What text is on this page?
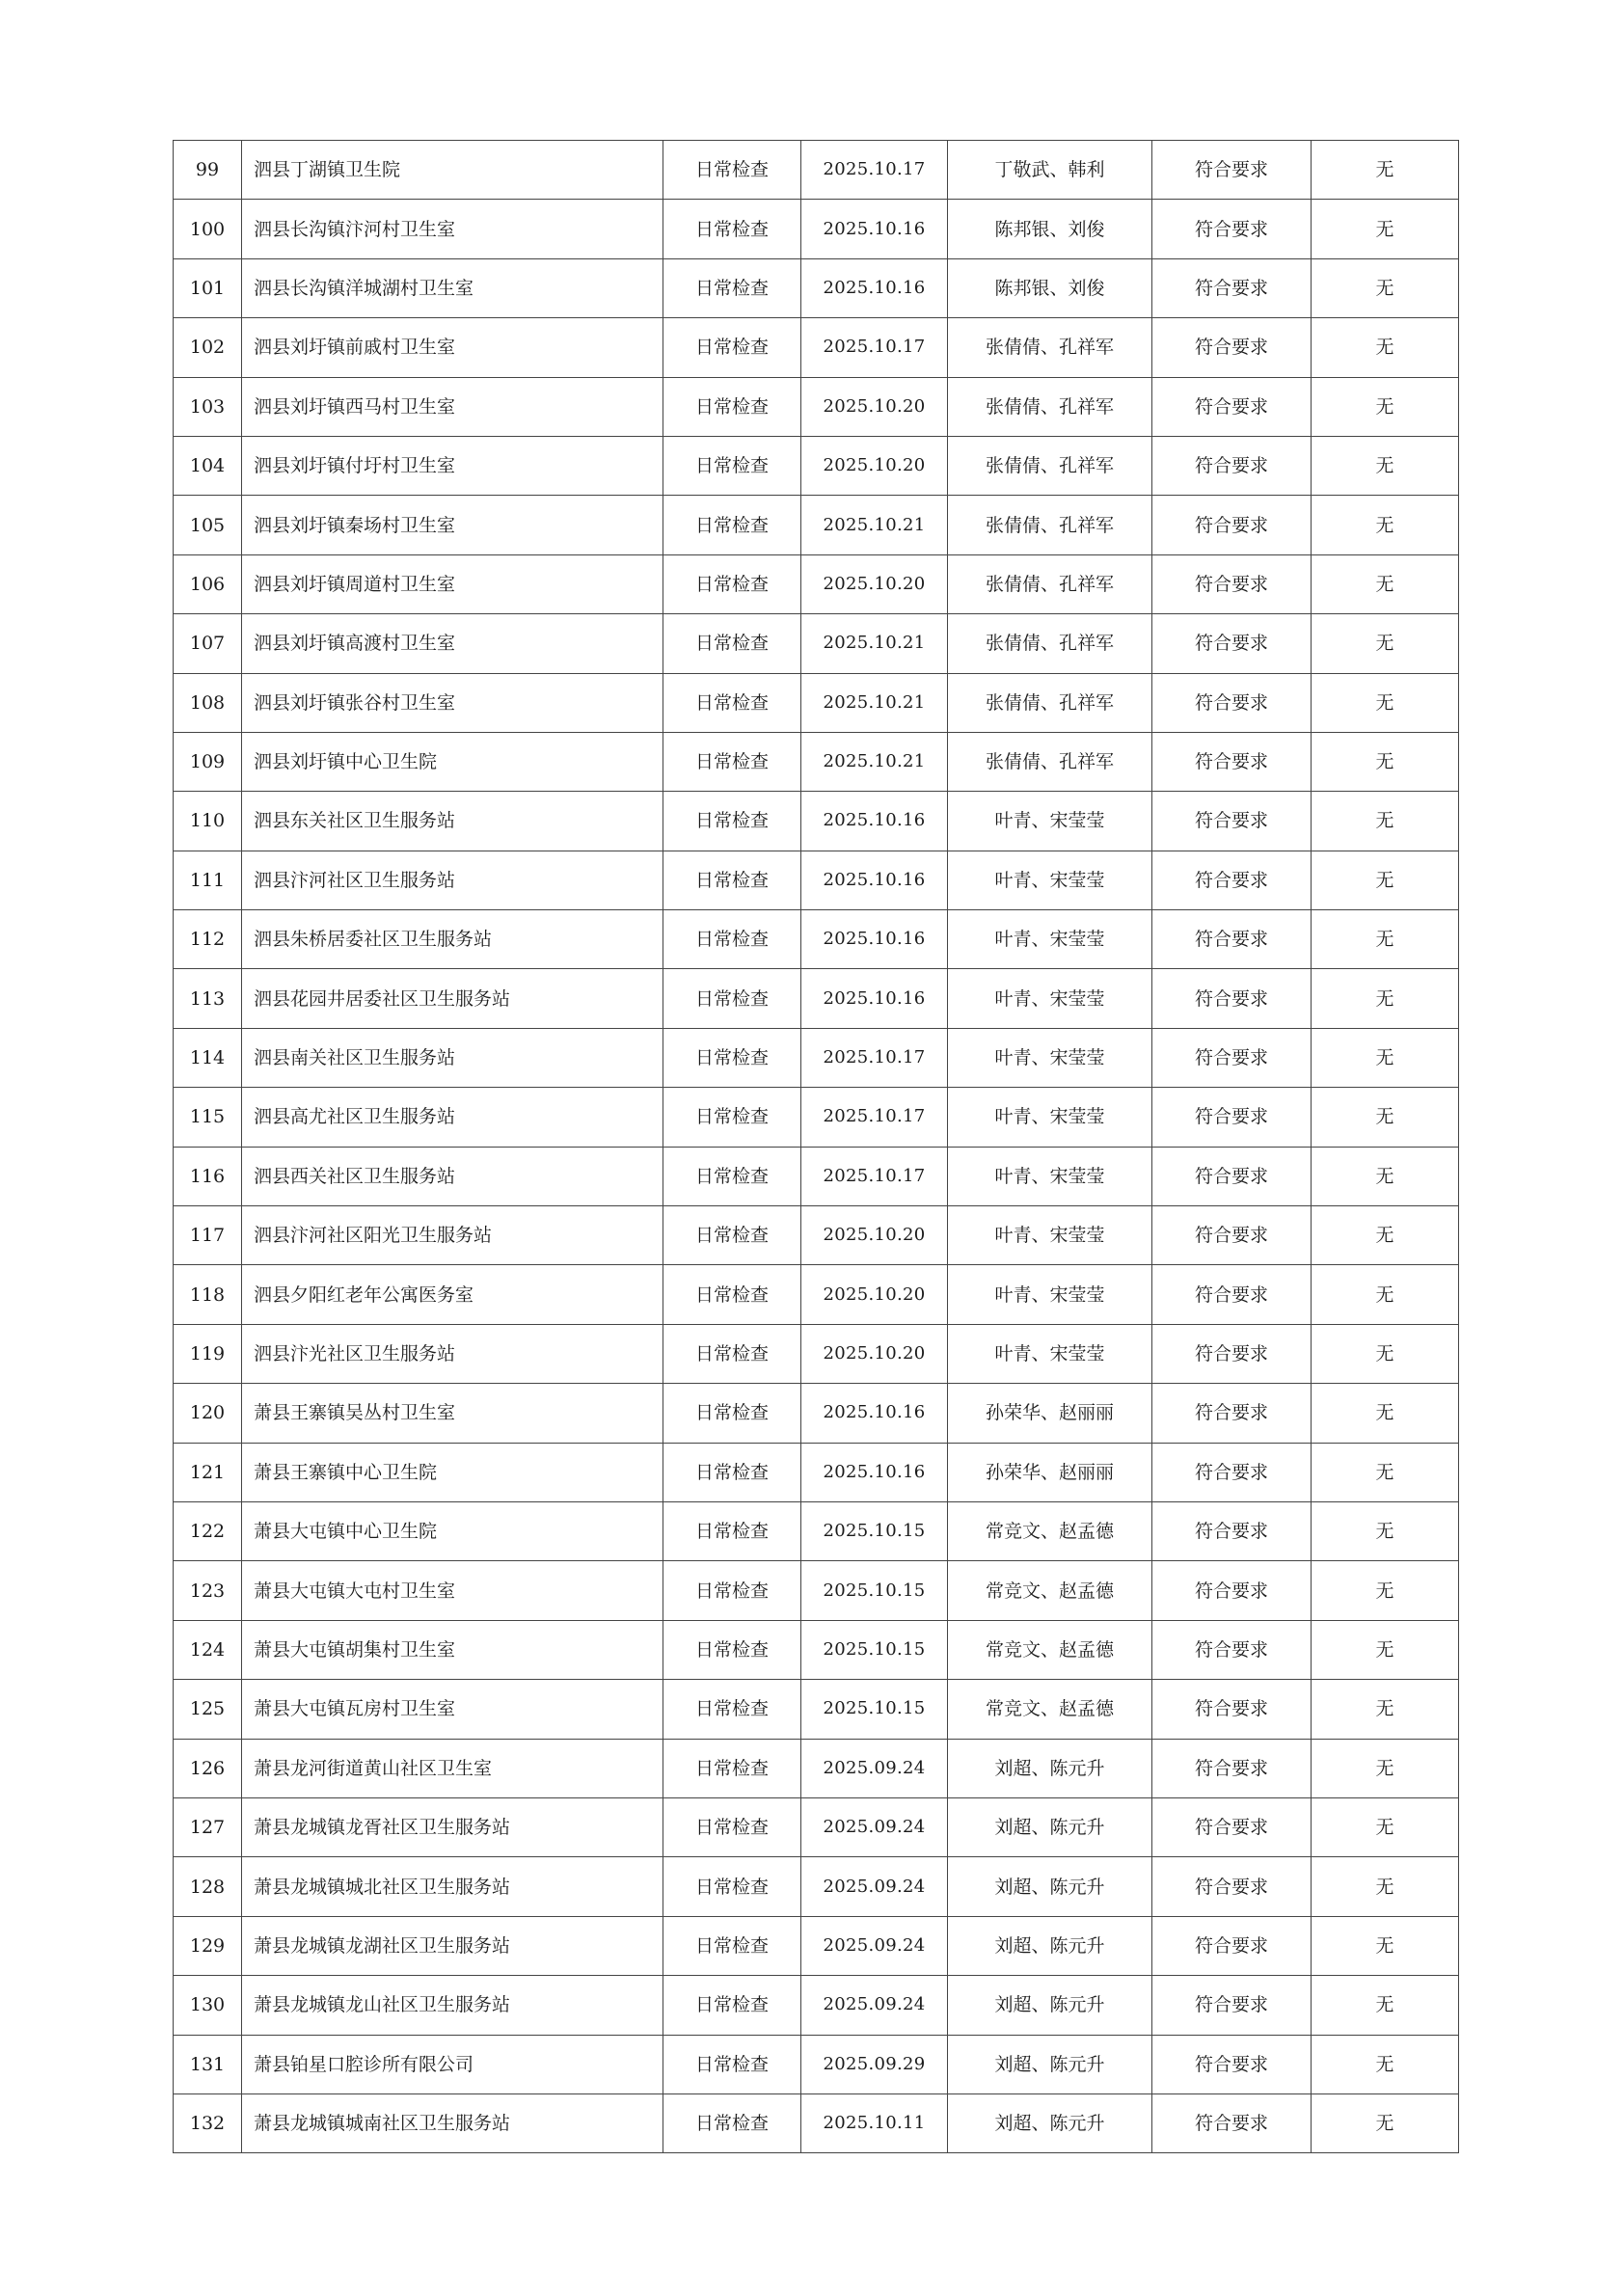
99	泗县丁湖镇卫生院	日常检查	2025.10.17	丁敬武、韩利	符合要求	无
100	泗县长沟镇汴河村卫生室	日常检查	2025.10.16	陈邦银、刘俊	符合要求	无
101	泗县长沟镇洋城湖村卫生室	日常检查	2025.10.16	陈邦银、刘俊	符合要求	无
102	泗县刘圩镇前戚村卫生室	日常检查	2025.10.17	张倩倩、孔祥军	符合要求	无
103	泗县刘圩镇西马村卫生室	日常检查	2025.10.20	张倩倩、孔祥军	符合要求	无
104	泗县刘圩镇付圩村卫生室	日常检查	2025.10.20	张倩倩、孔祥军	符合要求	无
105	泗县刘圩镇秦场村卫生室	日常检查	2025.10.21	张倩倩、孔祥军	符合要求	无
106	泗县刘圩镇周道村卫生室	日常检查	2025.10.20	张倩倩、孔祥军	符合要求	无
107	泗县刘圩镇高渡村卫生室	日常检查	2025.10.21	张倩倩、孔祥军	符合要求	无
108	泗县刘圩镇张谷村卫生室	日常检查	2025.10.21	张倩倩、孔祥军	符合要求	无
109	泗县刘圩镇中心卫生院	日常检查	2025.10.21	张倩倩、孔祥军	符合要求	无
110	泗县东关社区卫生服务站	日常检查	2025.10.16	叶青、宋莹莹	符合要求	无
111	泗县汴河社区卫生服务站	日常检查	2025.10.16	叶青、宋莹莹	符合要求	无
112	泗县朱桥居委社区卫生服务站	日常检查	2025.10.16	叶青、宋莹莹	符合要求	无
113	泗县花园井居委社区卫生服务站	日常检查	2025.10.16	叶青、宋莹莹	符合要求	无
114	泗县南关社区卫生服务站	日常检查	2025.10.17	叶青、宋莹莹	符合要求	无
115	泗县高尤社区卫生服务站	日常检查	2025.10.17	叶青、宋莹莹	符合要求	无
116	泗县西关社区卫生服务站	日常检查	2025.10.17	叶青、宋莹莹	符合要求	无
117	泗县汴河社区阳光卫生服务站	日常检查	2025.10.20	叶青、宋莹莹	符合要求	无
118	泗县夕阳红老年公寓医务室	日常检查	2025.10.20	叶青、宋莹莹	符合要求	无
119	泗县汴光社区卫生服务站	日常检查	2025.10.20	叶青、宋莹莹	符合要求	无
120	萧县王寨镇吴丛村卫生室	日常检查	2025.10.16	孙荣华、赵丽丽	符合要求	无
121	萧县王寨镇中心卫生院	日常检查	2025.10.16	孙荣华、赵丽丽	符合要求	无
122	萧县大屯镇中心卫生院	日常检查	2025.10.15	常竞文、赵孟德	符合要求	无
123	萧县大屯镇大屯村卫生室	日常检查	2025.10.15	常竞文、赵孟德	符合要求	无
124	萧县大屯镇胡集村卫生室	日常检查	2025.10.15	常竞文、赵孟德	符合要求	无
125	萧县大屯镇瓦房村卫生室	日常检查	2025.10.15	常竞文、赵孟德	符合要求	无
126	萧县龙河街道黄山社区卫生室	日常检查	2025.09.24	刘超、陈元升	符合要求	无
127	萧县龙城镇龙胥社区卫生服务站	日常检查	2025.09.24	刘超、陈元升	符合要求	无
128	萧县龙城镇城北社区卫生服务站	日常检查	2025.09.24	刘超、陈元升	符合要求	无
129	萧县龙城镇龙湖社区卫生服务站	日常检查	2025.09.24	刘超、陈元升	符合要求	无
130	萧县龙城镇龙山社区卫生服务站	日常检查	2025.09.24	刘超、陈元升	符合要求	无
131	萧县铂星口腔诊所有限公司	日常检查	2025.09.29	刘超、陈元升	符合要求	无
132	萧县龙城镇城南社区卫生服务站	日常检查	2025.10.11	刘超、陈元升	符合要求	无
